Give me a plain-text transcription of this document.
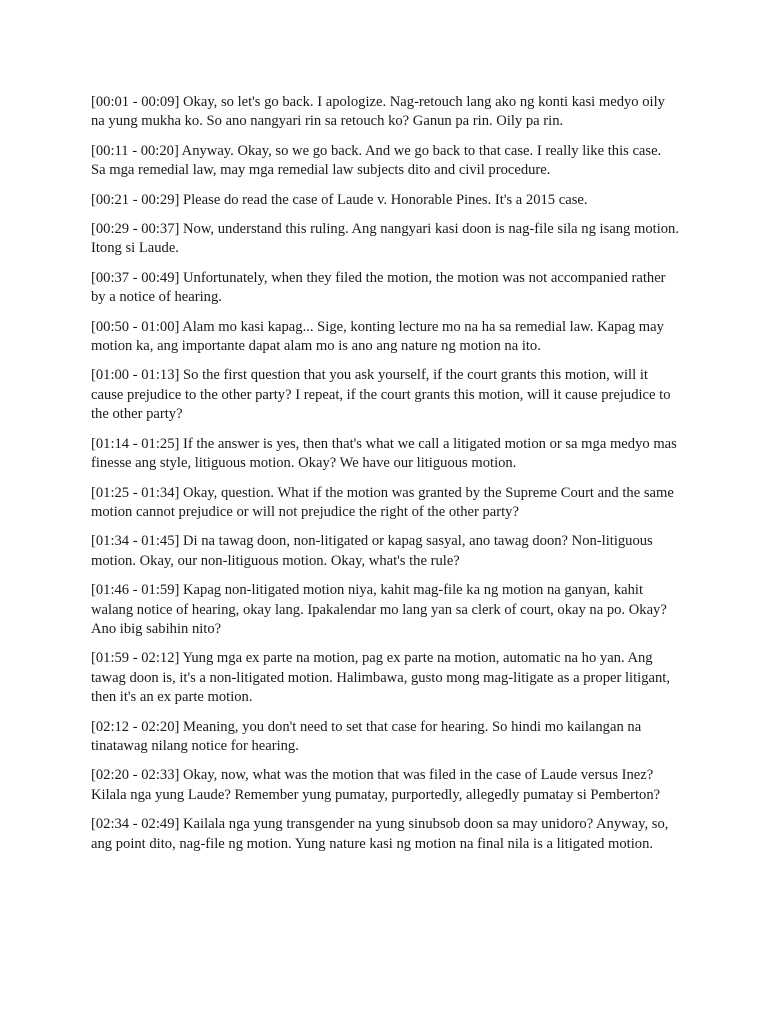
[00:01 - 00:09] Okay, so let's go back. I apologize. Nag-retouch lang ako ng konti kasi medyo oily na yung mukha ko. So ano nangyari rin sa retouch ko? Ganun pa rin. Oily pa rin.

[00:11 - 00:20] Anyway. Okay, so we go back. And we go back to that case. I really like this case. Sa mga remedial law, may mga remedial law subjects dito and civil procedure.

[00:21 - 00:29] Please do read the case of Laude v. Honorable Pines. It's a 2015 case.

[00:29 - 00:37] Now, understand this ruling. Ang nangyari kasi doon is nag-file sila ng isang motion. Itong si Laude.

[00:37 - 00:49] Unfortunately, when they filed the motion, the motion was not accompanied rather by a notice of hearing.

[00:50 - 01:00] Alam mo kasi kapag... Sige, konting lecture mo na ha sa remedial law. Kapag may motion ka, ang importante dapat alam mo is ano ang nature ng motion na ito.

[01:00 - 01:13] So the first question that you ask yourself, if the court grants this motion, will it cause prejudice to the other party? I repeat, if the court grants this motion, will it cause prejudice to the other party?

[01:14 - 01:25] If the answer is yes, then that's what we call a litigated motion or sa mga medyo mas finesse ang style, litiguous motion. Okay? We have our litiguous motion.

[01:25 - 01:34] Okay, question. What if the motion was granted by the Supreme Court and the same motion cannot prejudice or will not prejudice the right of the other party?

[01:34 - 01:45] Di na tawag doon, non-litigated or kapag sasyal, ano tawag doon? Non-litiguous motion. Okay, our non-litiguous motion. Okay, what's the rule?

[01:46 - 01:59] Kapag non-litigated motion niya, kahit mag-file ka ng motion na ganyan, kahit walang notice of hearing, okay lang. Ipakalendar mo lang yan sa clerk of court, okay na po. Okay? Ano ibig sabihin nito?

[01:59 - 02:12] Yung mga ex parte na motion, pag ex parte na motion, automatic na ho yan. Ang tawag doon is, it's a non-litigated motion. Halimbawa, gusto mong mag-litigate as a proper litigant, then it's an ex parte motion.

[02:12 - 02:20] Meaning, you don't need to set that case for hearing. So hindi mo kailangan na tinatawag nilang notice for hearing.

[02:20 - 02:33] Okay, now, what was the motion that was filed in the case of Laude versus Inez? Kilala nga yung Laude? Remember yung pumatay, purportedly, allegedly pumatay si Pemberton?

[02:34 - 02:49] Kailala nga yung transgender na yung sinubsob doon sa may unidoro? Anyway, so, ang point dito, nag-file ng motion. Yung nature kasi ng motion na final nila is a litigated motion.
